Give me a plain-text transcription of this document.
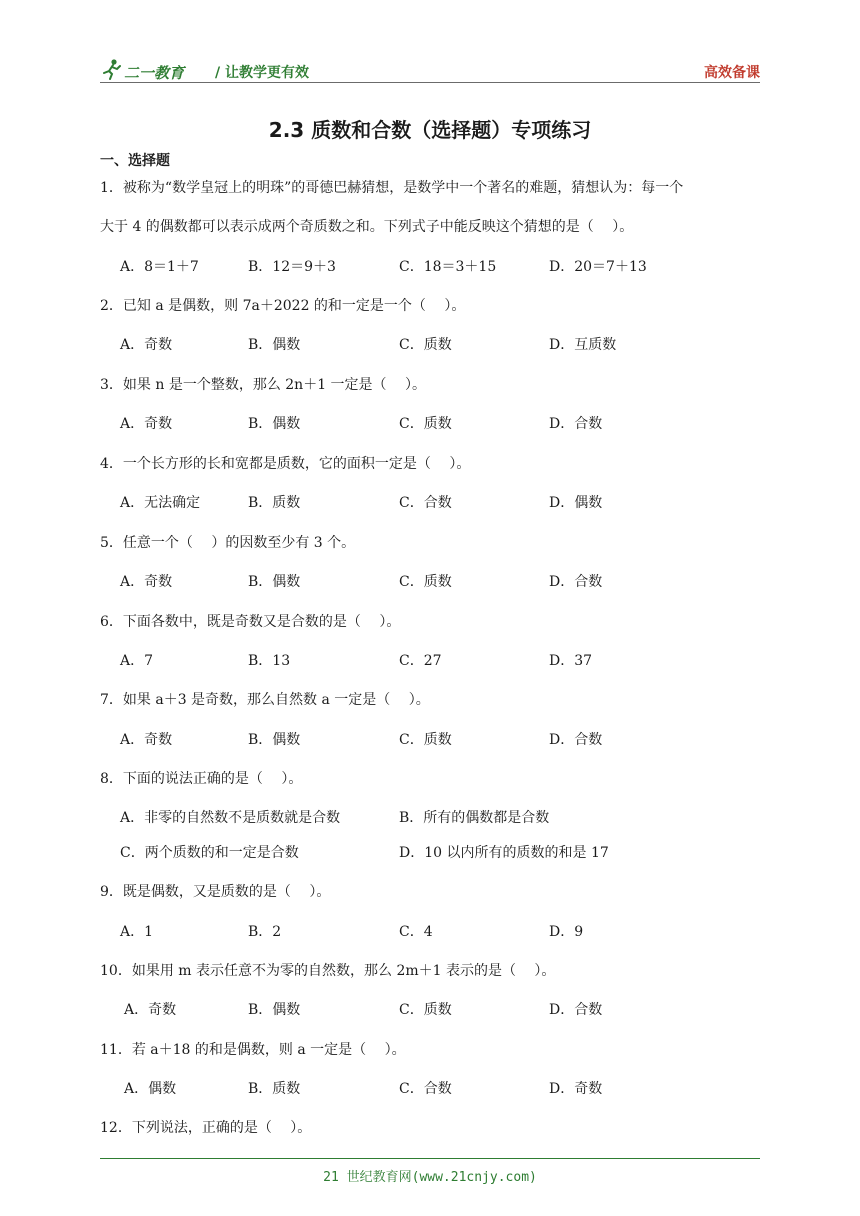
二一教育 / 让教学更有效	高效备课
2.3 质数和合数（选择题）专项练习
一、选择题
1．被称为“数学皇冠上的明珠”的哥德巴赫猜想，是数学中一个著名的难题，猜想认为：每一个
大于 4 的偶数都可以表示成两个奇质数之和。下列式子中能反映这个猜想的是（　 ）。
A．8＝1＋7	B．12＝9＋3	C．18＝3＋15	D．20＝7＋13
2．已知 a 是偶数，则 7a＋2022 的和一定是一个（　 ）。
A．奇数	B．偶数	C．质数	D．互质数
3．如果 n 是一个整数，那么 2n＋1 一定是（　 ）。
A．奇数	B．偶数	C．质数	D．合数
4．一个长方形的长和宽都是质数，它的面积一定是（　 ）。
A．无法确定	B．质数	C．合数	D．偶数
5．任意一个（　 ）的因数至少有 3 个。
A．奇数	B．偶数	C．质数	D．合数
6．下面各数中，既是奇数又是合数的是（　 ）。
A．7	B．13	C．27	D．37
7．如果 a＋3 是奇数，那么自然数 a 一定是（　 ）。
A．奇数	B．偶数	C．质数	D．合数
8．下面的说法正确的是（　 ）。
A．非零的自然数不是质数就是合数	B．所有的偶数都是合数
C．两个质数的和一定是合数	D．10 以内所有的质数的和是 17
9．既是偶数，又是质数的是（　 ）。
A．1	B．2	C．4	D．9
10．如果用 m 表示任意不为零的自然数，那么 2m＋1 表示的是（　 ）。
A．奇数	B．偶数	C．质数	D．合数
11．若 a＋18 的和是偶数，则 a 一定是（　 ）。
A．偶数	B．质数	C．合数	D．奇数
12．下列说法，正确的是（　 ）。
21 世纪教育网(www.21cnjy.com)
